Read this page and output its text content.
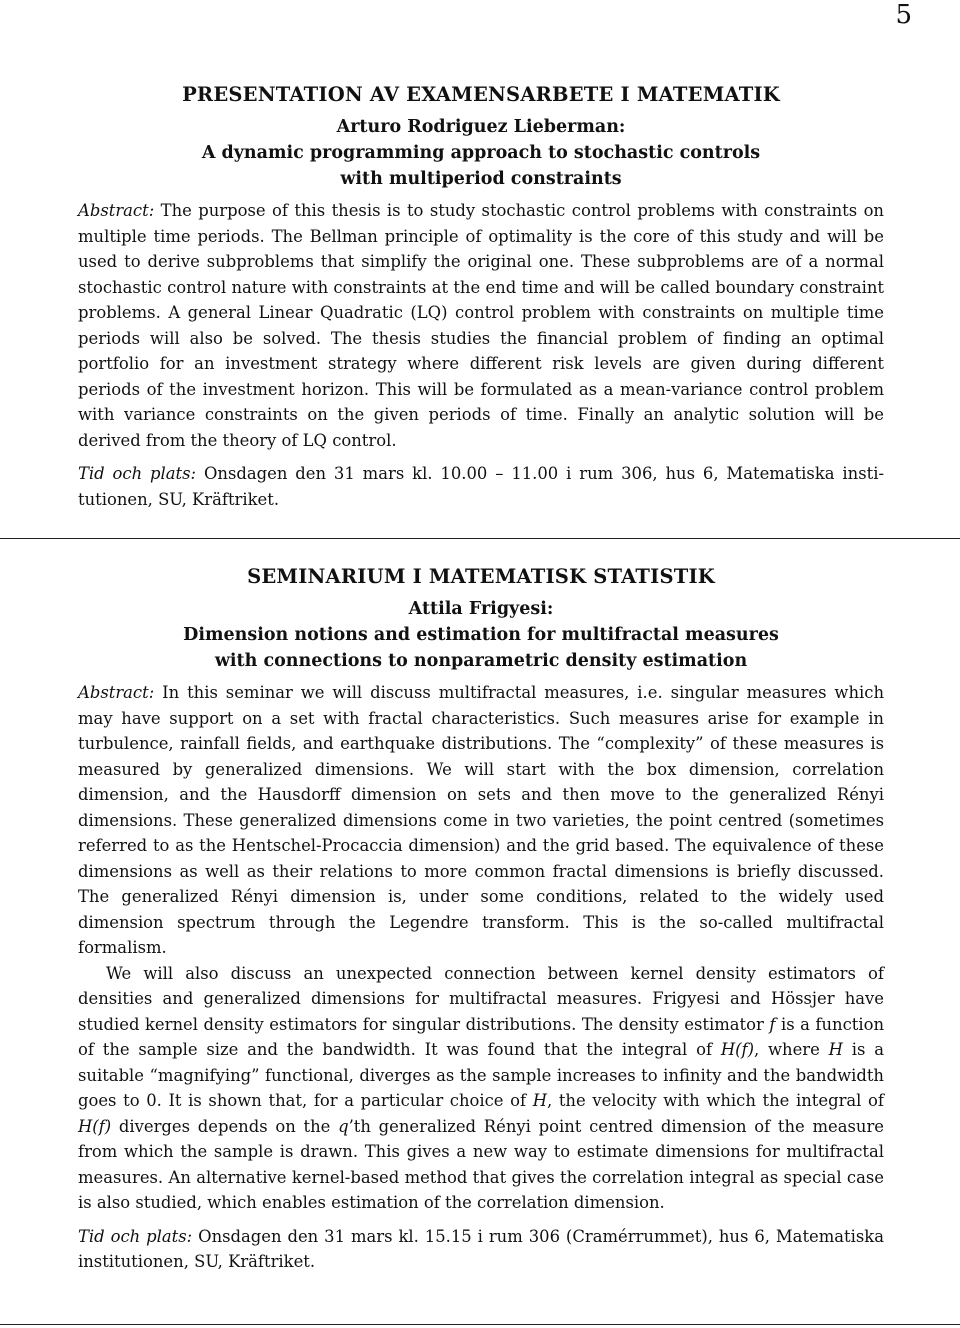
5
PRESENTATION AV EXAMENSARBETE I MATEMATIK
Arturo Rodriguez Lieberman:
A dynamic programming approach to stochastic controls
with multiperiod constraints

Abstract: The purpose of this thesis is to study stochastic control problems with constraints on multiple time periods. The Bellman principle of optimality is the core of this study and will be used to derive subproblems that simplify the original one. These subproblems are of a normal stochastic control nature with constraints at the end time and will be called boundary constraint problems. A general Linear Quadratic (LQ) control problem with constraints on multiple time periods will also be solved. The thesis studies the financial problem of finding an optimal portfolio for an investment strategy where different risk levels are given during different periods of the investment horizon. This will be formulated as a mean-variance control problem with variance constraints on the given periods of time. Finally an analytic solution will be derived from the theory of LQ control.

Tid och plats: Onsdagen den 31 mars kl. 10.00 – 11.00 i rum 306, hus 6, Matematiska institutionen, SU, Kräftriket.
SEMINARIUM I MATEMATISK STATISTIK
Attila Frigyesi:
Dimension notions and estimation for multifractal measures
with connections to nonparametric density estimation

Abstract: In this seminar we will discuss multifractal measures, i.e. singular measures which may have support on a set with fractal characteristics. Such measures arise for example in turbulence, rainfall fields, and earthquake distributions. The “complexity” of these measures is measured by generalized dimensions. We will start with the box dimension, correlation dimension, and the Hausdorff dimension on sets and then move to the generalized Rényi dimensions. These generalized dimensions come in two varieties, the point centred (sometimes referred to as the Hentschel-Procaccia dimension) and the grid based. The equivalence of these dimensions as well as their relations to more common fractal dimensions is briefly discussed. The generalized Rényi dimension is, under some conditions, related to the widely used dimension spectrum through the Legendre transform. This is the so-called multifractal formalism.

We will also discuss an unexpected connection between kernel density estimators of densities and generalized dimensions for multifractal measures. Frigyesi and Hössjer have studied kernel density estimators for singular distributions. The density estimator f is a function of the sample size and the bandwidth. It was found that the integral of H(f), where H is a suitable “magnifying” functional, diverges as the sample increases to infinity and the bandwidth goes to 0. It is shown that, for a particular choice of H, the velocity with which the integral of H(f) diverges depends on the q’th generalized Rényi point centred dimension of the measure from which the sample is drawn. This gives a new way to estimate dimensions for multifractal measures. An alternative kernel-based method that gives the correlation integral as special case is also studied, which enables estimation of the correlation dimension.

Tid och plats: Onsdagen den 31 mars kl. 15.15 i rum 306 (Cramérrummet), hus 6, Matematiska institutionen, SU, Kräftriket.
